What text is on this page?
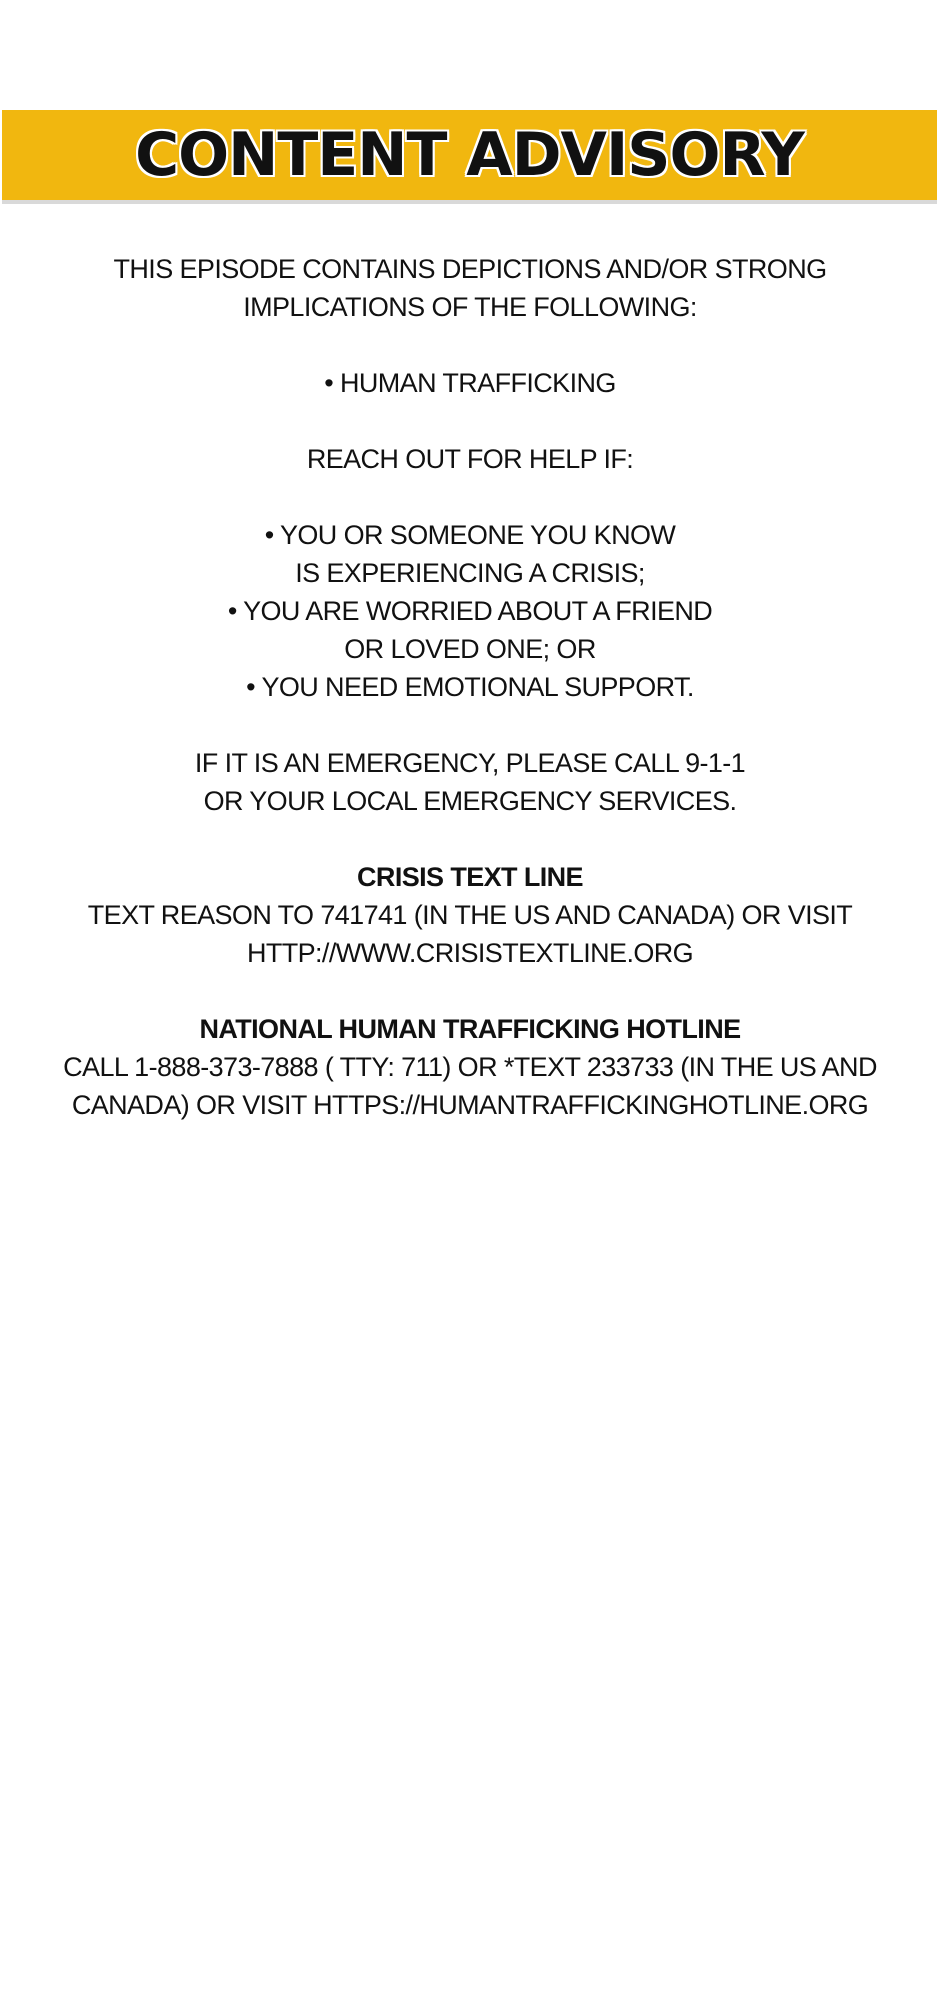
CONTENT ADVISORY

THIS EPISODE CONTAINS DEPICTIONS AND/OR STRONG

IMPLICATIONS OF THE FOLLOWING:

• HUMAN TRAFFICKING

REACH OUT FOR HELP IF:

• YOU OR SOMEONE YOU KNOW

IS EXPERIENCING A CRISIS;

• YOU ARE WORRIED ABOUT A FRIEND

OR LOVED ONE; OR

• YOU NEED EMOTIONAL SUPPORT.

IF IT IS AN EMERGENCY, PLEASE CALL 9-1-1

OR YOUR LOCAL EMERGENCY SERVICES.

CRISIS TEXT LINE

TEXT REASON TO 741741 (IN THE US AND CANADA) OR VISIT

HTTP://WWW.CRISISTEXTLINE.ORG

NATIONAL HUMAN TRAFFICKING HOTLINE

CALL 1-888-373-7888 ( TTY: 711) OR *TEXT 233733 (IN THE US AND

CANADA) OR VISIT HTTPS://HUMANTRAFFICKINGHOTLINE.ORG
